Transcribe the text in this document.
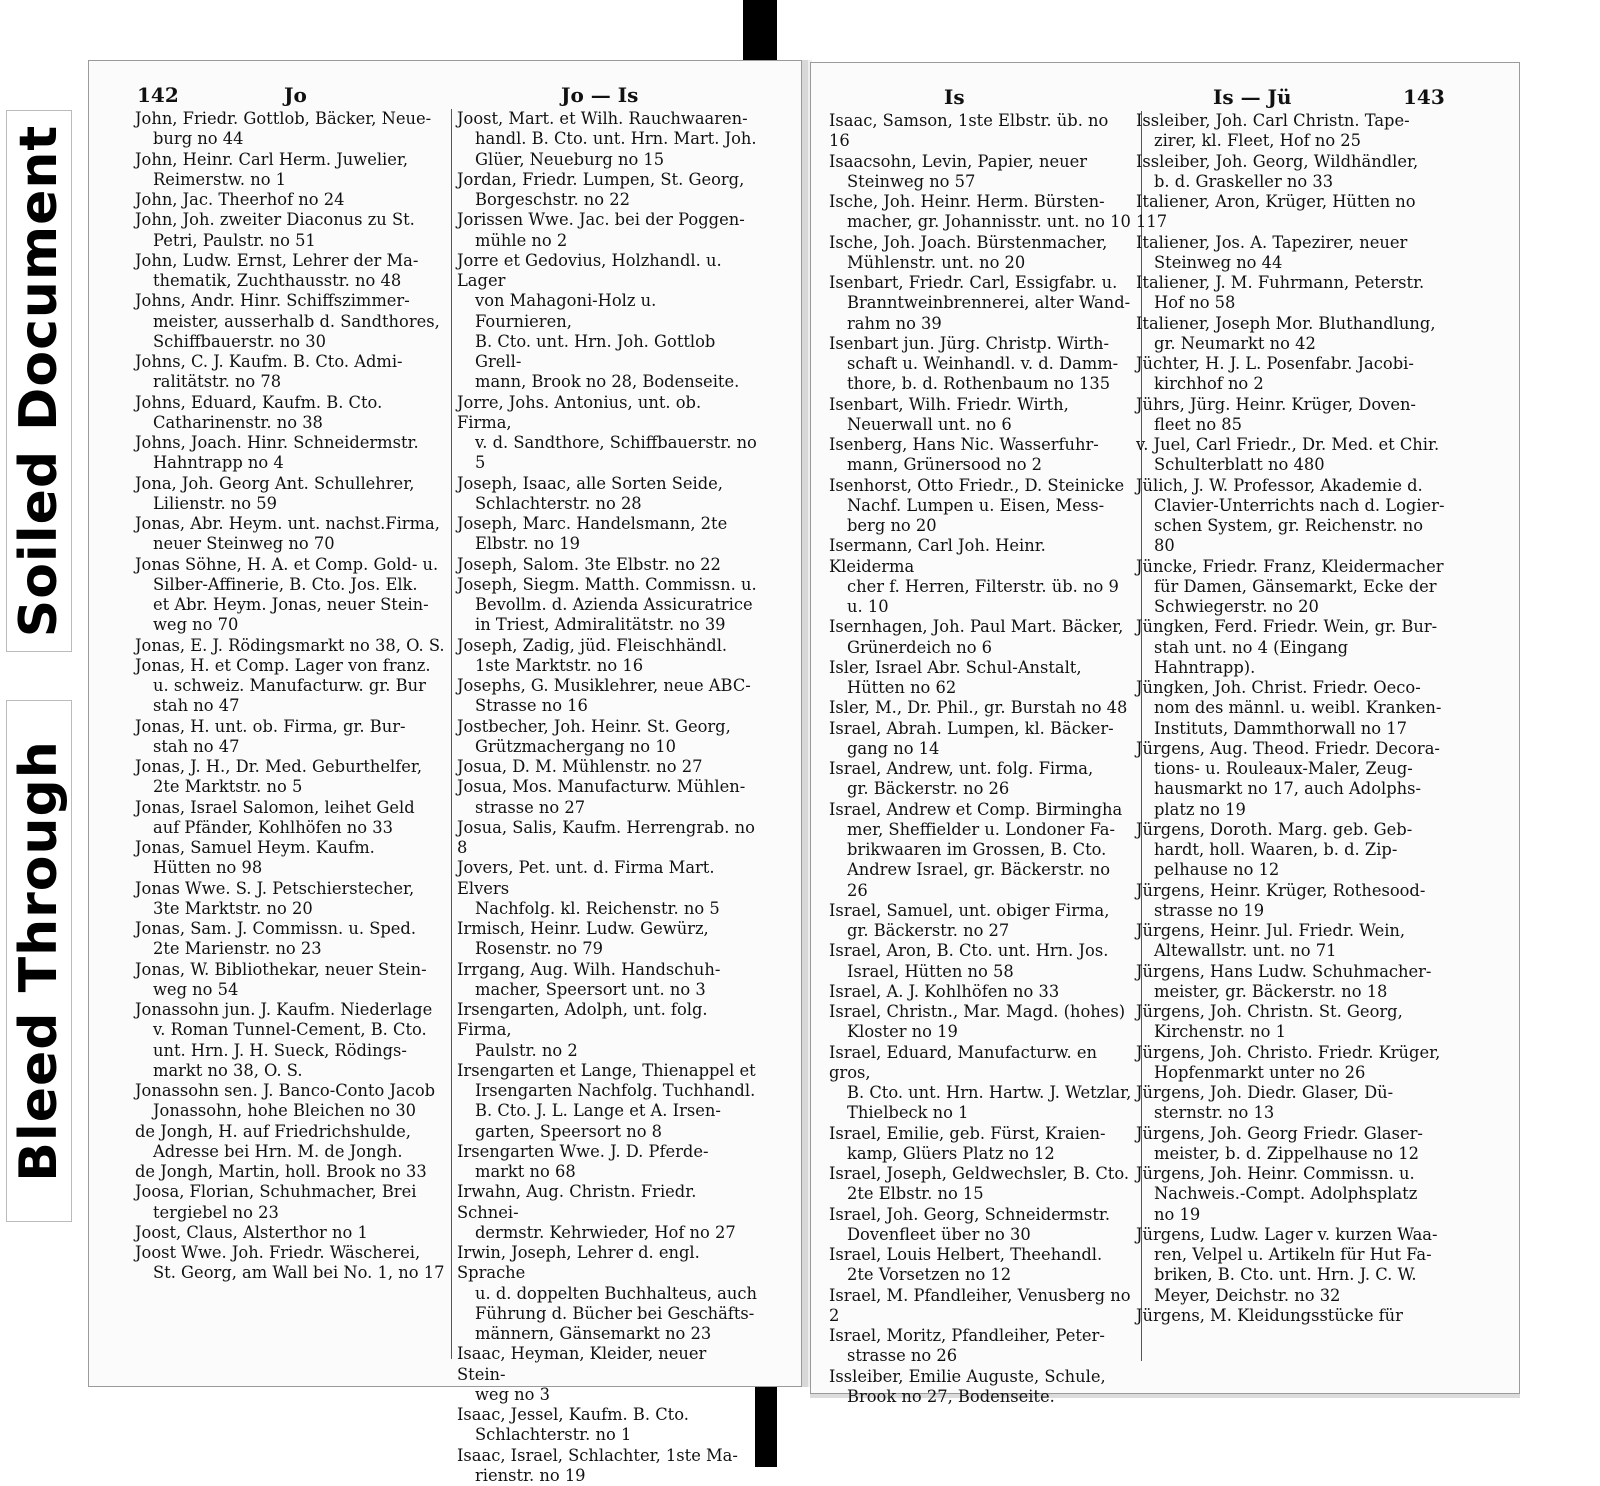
Soiled Document
Bleed Through
142	Jo	Jo — Is
John, Friedr. Gottlob, Bäcker, Neue-
burg no 44
John, Heinr. Carl Herm. Juwelier,
Reimerstw. no 1
John, Jac. Theerhof no 24
John, Joh. zweiter Diaconus zu St.
Petri, Paulstr. no 51
John, Ludw. Ernst, Lehrer der Ma-
thematik, Zuchthausstr. no 48
Johns, Andr. Hinr. Schiffszimmer-
meister, ausserhalb d. Sandthores,
Schiffbauerstr. no 30
Johns, C. J. Kaufm. B. Cto. Admi-
ralitätstr. no 78
Johns, Eduard, Kaufm. B. Cto.
Catharinenstr. no 38
Johns, Joach. Hinr. Schneidermstr.
Hahntrapp no 4
Jona, Joh. Georg Ant. Schullehrer,
Lilienstr. no 59
Jonas, Abr. Heym. unt. nachst.Firma,
neuer Steinweg no 70
Jonas Söhne, H. A. et Comp. Gold- u.
Silber-Affinerie, B. Cto. Jos. Elk.
et Abr. Heym. Jonas, neuer Stein-
weg no 70
Jonas, E. J. Rödingsmarkt no 38, O. S.
Jonas, H. et Comp. Lager von franz.
u. schweiz. Manufacturw. gr. Bur
stah no 47
Jonas, H. unt. ob. Firma, gr. Bur-
stah no 47
Jonas, J. H., Dr. Med. Geburthelfer,
2te Marktstr. no 5
Jonas, Israel Salomon, leihet Geld
auf Pfänder, Kohlhöfen no 33
Jonas, Samuel Heym. Kaufm.
Hütten no 98
Jonas Wwe. S. J. Petschierstecher,
3te Marktstr. no 20
Jonas, Sam. J. Commissn. u. Sped.
2te Marienstr. no 23
Jonas, W. Bibliothekar, neuer Stein-
weg no 54
Jonassohn jun. J. Kaufm. Niederlage
v. Roman Tunnel-Cement, B. Cto.
unt. Hrn. J. H. Sueck, Rödings-
markt no 38, O. S.
Jonassohn sen. J. Banco-Conto Jacob
Jonassohn, hohe Bleichen no 30
de Jongh, H. auf Friedrichshulde,
Adresse bei Hrn. M. de Jongh.
de Jongh, Martin, holl. Brook no 33
Joosa, Florian, Schuhmacher, Brei
tergiebel no 23
Joost, Claus, Alsterthor no 1
Joost Wwe. Joh. Friedr. Wäscherei,
St. Georg, am Wall bei No. 1, no 17
Joost, Mart. et Wilh. Rauchwaaren-
handl. B. Cto. unt. Hrn. Mart. Joh.
Glüer, Neueburg no 15
Jordan, Friedr. Lumpen, St. Georg,
Borgeschstr. no 22
Jorissen Wwe. Jac. bei der Poggen-
mühle no 2
Jorre et Gedovius, Holzhandl. u. Lager
von Mahagoni-Holz u. Fournieren,
B. Cto. unt. Hrn. Joh. Gottlob Grell-
mann, Brook no 28, Bodenseite.
Jorre, Johs. Antonius, unt. ob. Firma,
v. d. Sandthore, Schiffbauerstr. no 5
Joseph, Isaac, alle Sorten Seide,
Schlachterstr. no 28
Joseph, Marc. Handelsmann, 2te
Elbstr. no 19
Joseph, Salom. 3te Elbstr. no 22
Joseph, Siegm. Matth. Commissn. u.
Bevollm. d. Azienda Assicuratrice
in Triest, Admiralitätstr. no 39
Joseph, Zadig, jüd. Fleischhändl.
1ste Marktstr. no 16
Josephs, G. Musiklehrer, neue ABC-
Strasse no 16
Jostbecher, Joh. Heinr. St. Georg,
Grützmachergang no 10
Josua, D. M. Mühlenstr. no 27
Josua, Mos. Manufacturw. Mühlen-
strasse no 27
Josua, Salis, Kaufm. Herrengrab. no 8
Jovers, Pet. unt. d. Firma Mart. Elvers
Nachfolg. kl. Reichenstr. no 5
Irmisch, Heinr. Ludw. Gewürz,
Rosenstr. no 79
Irrgang, Aug. Wilh. Handschuh-
macher, Speersort unt. no 3
Irsengarten, Adolph, unt. folg. Firma,
Paulstr. no 2
Irsengarten et Lange, Thienappel et
Irsengarten Nachfolg. Tuchhandl.
B. Cto. J. L. Lange et A. Irsen-
garten, Speersort no 8
Irsengarten Wwe. J. D. Pferde-
markt no 68
Irwahn, Aug. Christn. Friedr. Schnei-
dermstr. Kehrwieder, Hof no 27
Irwin, Joseph, Lehrer d. engl. Sprache
u. d. doppelten Buchhalteus, auch
Führung d. Bücher bei Geschäfts-
männern, Gänsemarkt no 23
Isaac, Heyman, Kleider, neuer Stein-
weg no 3
Isaac, Jessel, Kaufm. B. Cto.
Schlachterstr. no 1
Isaac, Israel, Schlachter, 1ste Ma-
rienstr. no 19
Is	Is — Jü	143
Isaac, Samson, 1ste Elbstr. üb. no 16
Isaacsohn, Levin, Papier, neuer
Steinweg no 57
Ische, Joh. Heinr. Herm. Bürsten-
macher, gr. Johannisstr. unt. no 10
Ische, Joh. Joach. Bürstenmacher,
Mühlenstr. unt. no 20
Isenbart, Friedr. Carl, Essigfabr. u.
Branntweinbrennerei, alter Wand-
rahm no 39
Isenbart jun. Jürg. Christp. Wirth-
schaft u. Weinhandl. v. d. Damm-
thore, b. d. Rothenbaum no 135
Isenbart, Wilh. Friedr. Wirth,
Neuerwall unt. no 6
Isenberg, Hans Nic. Wasserfuhr-
mann, Grünersood no 2
Isenhorst, Otto Friedr., D. Steinicke
Nachf. Lumpen u. Eisen, Mess-
berg no 20
Isermann, Carl Joh. Heinr. Kleiderma
cher f. Herren, Filterstr. üb. no 9 u. 10
Isernhagen, Joh. Paul Mart. Bäcker,
Grünerdeich no 6
Isler, Israel Abr. Schul-Anstalt,
Hütten no 62
Isler, M., Dr. Phil., gr. Burstah no 48
Israel, Abrah. Lumpen, kl. Bäcker-
gang no 14
Israel, Andrew, unt. folg. Firma,
gr. Bäckerstr. no 26
Israel, Andrew et Comp. Birmingha
mer, Sheffielder u. Londoner Fa-
brikwaaren im Grossen, B. Cto.
Andrew Israel, gr. Bäckerstr. no 26
Israel, Samuel, unt. obiger Firma,
gr. Bäckerstr. no 27
Israel, Aron, B. Cto. unt. Hrn. Jos.
Israel, Hütten no 58
Israel, A. J. Kohlhöfen no 33
Israel, Christn., Mar. Magd. (hohes)
Kloster no 19
Israel, Eduard, Manufacturw. en gros,
B. Cto. unt. Hrn. Hartw. J. Wetzlar,
Thielbeck no 1
Israel, Emilie, geb. Fürst, Kraien-
kamp, Glüers Platz no 12
Israel, Joseph, Geldwechsler, B. Cto.
2te Elbstr. no 15
Israel, Joh. Georg, Schneidermstr.
Dovenfleet über no 30
Israel, Louis Helbert, Theehandl.
2te Vorsetzen no 12
Israel, M. Pfandleiher, Venusberg no 2
Israel, Moritz, Pfandleiher, Peter-
strasse no 26
Issleiber, Emilie Auguste, Schule,
Brook no 27, Bodenseite.
Issleiber, Joh. Carl Christn. Tape-
zirer, kl. Fleet, Hof no 25
Issleiber, Joh. Georg, Wildhändler,
b. d. Graskeller no 33
Italiener, Aron, Krüger, Hütten no 117
Italiener, Jos. A. Tapezirer, neuer
Steinweg no 44
Italiener, J. M. Fuhrmann, Peterstr.
Hof no 58
Italiener, Joseph Mor. Bluthandlung,
gr. Neumarkt no 42
Jüchter, H. J. L. Posenfabr. Jacobi-
kirchhof no 2
Jührs, Jürg. Heinr. Krüger, Doven-
fleet no 85
v. Juel, Carl Friedr., Dr. Med. et Chir.
Schulterblatt no 480
Jülich, J. W. Professor, Akademie d.
Clavier-Unterrichts nach d. Logier-
schen System, gr. Reichenstr. no 80
Jüncke, Friedr. Franz, Kleidermacher
für Damen, Gänsemarkt, Ecke der
Schwiegerstr. no 20
Jüngken, Ferd. Friedr. Wein, gr. Bur-
stah unt. no 4 (Eingang Hahntrapp).
Jüngken, Joh. Christ. Friedr. Oeco-
nom des männl. u. weibl. Kranken-
Instituts, Dammthorwall no 17
Jürgens, Aug. Theod. Friedr. Decora-
tions- u. Rouleaux-Maler, Zeug-
hausmarkt no 17, auch Adolphs-
platz no 19
Jürgens, Doroth. Marg. geb. Geb-
hardt, holl. Waaren, b. d. Zip-
pelhause no 12
Jürgens, Heinr. Krüger, Rothesood-
strasse no 19
Jürgens, Heinr. Jul. Friedr. Wein,
Altewallstr. unt. no 71
Jürgens, Hans Ludw. Schuhmacher-
meister, gr. Bäckerstr. no 18
Jürgens, Joh. Christn. St. Georg,
Kirchenstr. no 1
Jürgens, Joh. Christo. Friedr. Krüger,
Hopfenmarkt unter no 26
Jürgens, Joh. Diedr. Glaser, Dü-
sternstr. no 13
Jürgens, Joh. Georg Friedr. Glaser-
meister, b. d. Zippelhause no 12
Jürgens, Joh. Heinr. Commissn. u.
Nachweis.-Compt. Adolphsplatz
no 19
Jürgens, Ludw. Lager v. kurzen Waa-
ren, Velpel u. Artikeln für Hut Fa-
briken, B. Cto. unt. Hrn. J. C. W.
Meyer, Deichstr. no 32
Jürgens, M. Kleidungsstücke für
